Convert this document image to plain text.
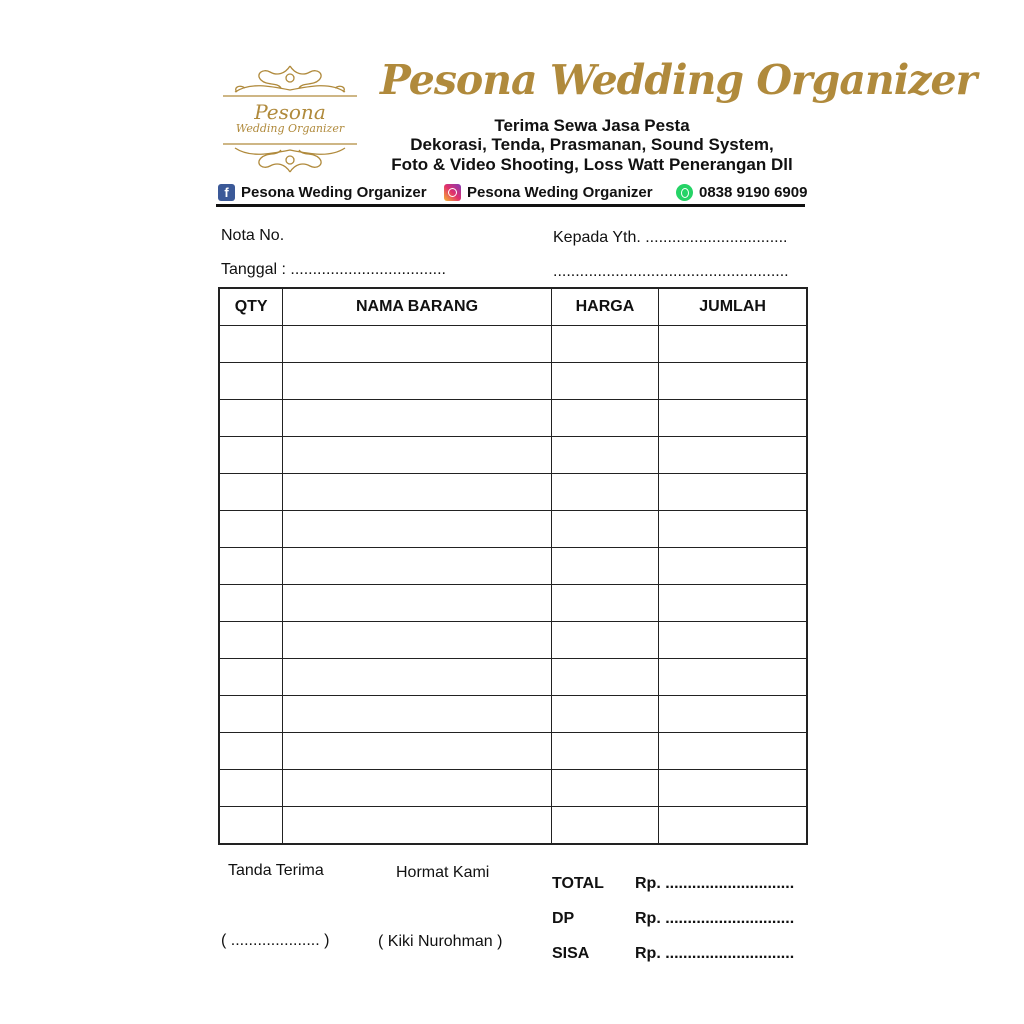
Pesona
Wedding Organizer
Pesona Wedding Organizer
Terima Sewa Jasa Pesta
Dekorasi, Tenda, Prasmanan, Sound System,
Foto & Video Shooting, Loss Watt Penerangan Dll
f Pesona Weding Organizer	Pesona Weding Organizer	0838 9190 6909
Nota No.	Kepada Yth. ................................
Tanggal : ...................................	.....................................................
QTY	NAMA BARANG	HARGA	JUMLAH

Tanda Terima	Hormat Kami
( .................... )	( Kiki Nurohman )
TOTAL Rp. .............................
DP	Rp. .............................
SISA	Rp. .............................
